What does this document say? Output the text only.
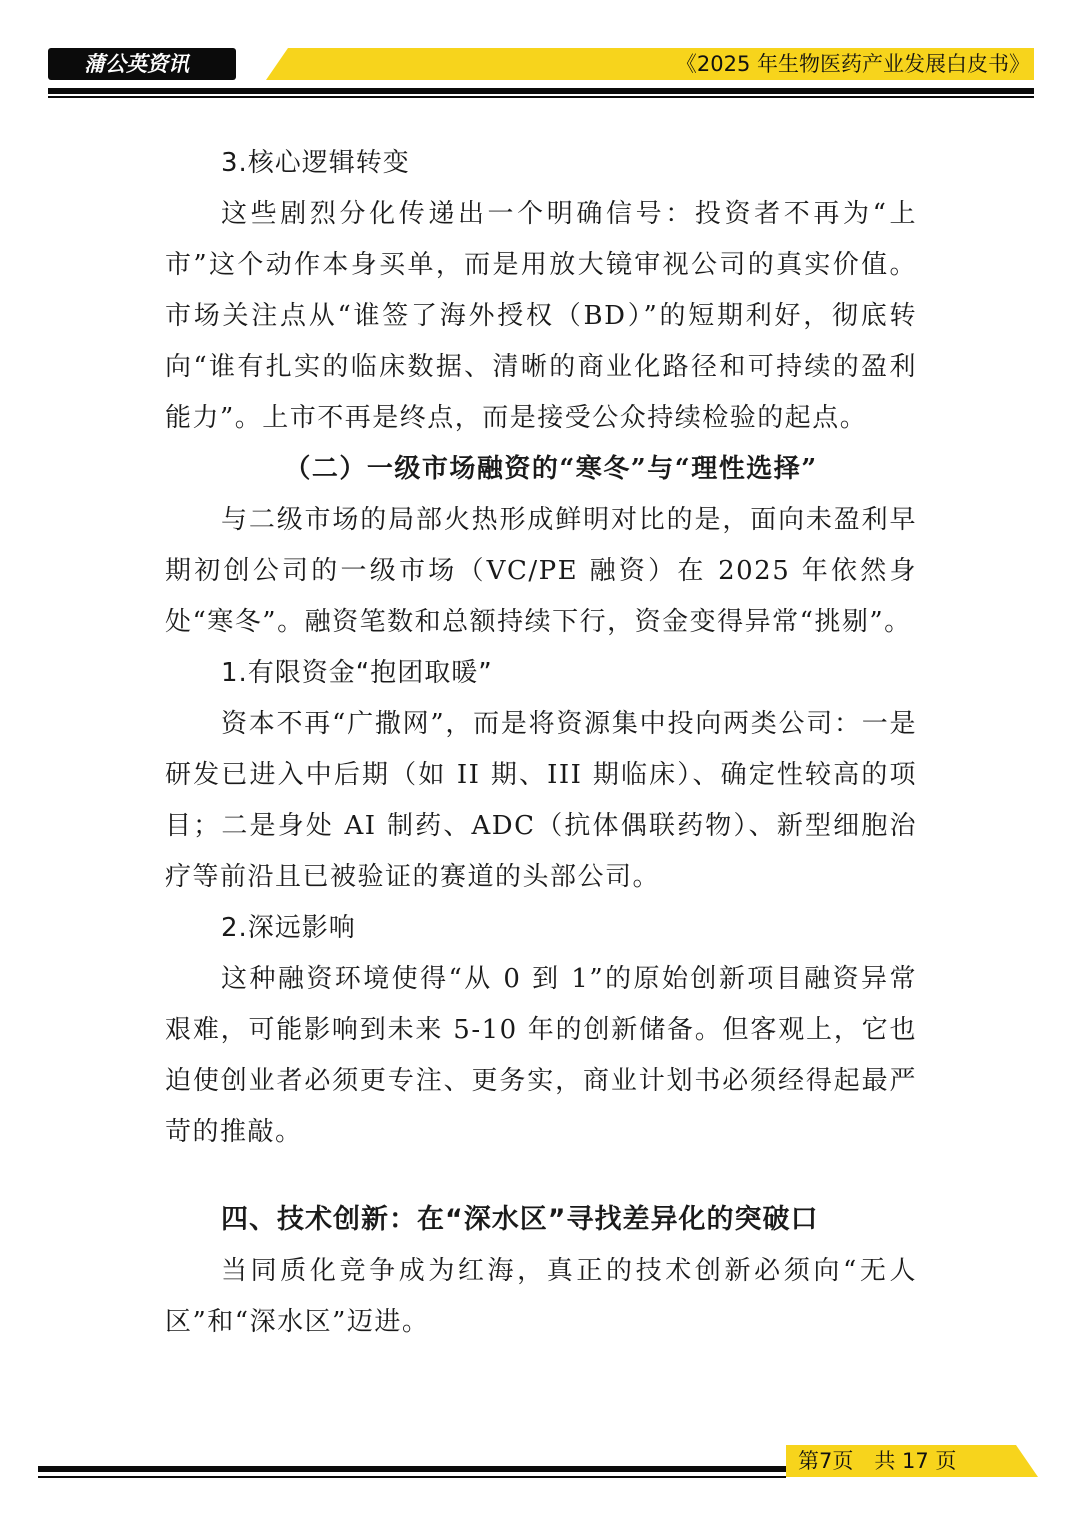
蒲公英资讯	《2025 年生物医药产业发展白皮书》

3.核心逻辑转变

这些剧烈分化传递出一个明确信号：投资者不再为“上市”这个动作本身买单，而是用放大镜审视公司的真实价值。市场关注点从“谁签了海外授权（BD）”的短期利好，彻底转向“谁有扎实的临床数据、清晰的商业化路径和可持续的盈利能力”。上市不再是终点，而是接受公众持续检验的起点。

（二）一级市场融资的“寒冬”与“理性选择”

与二级市场的局部火热形成鲜明对比的是，面向未盈利早期初创公司的一级市场（VC/PE 融资）在 2025 年依然身处“寒冬”。融资笔数和总额持续下行，资金变得异常“挑剔”。

1.有限资金“抱团取暖”

资本不再“广撒网”，而是将资源集中投向两类公司：一是研发已进入中后期（如 II 期、III 期临床）、确定性较高的项目；二是身处 AI 制药、ADC（抗体偶联药物）、新型细胞治疗等前沿且已被验证的赛道的头部公司。

2.深远影响

这种融资环境使得“从 0 到 1”的原始创新项目融资异常艰难，可能影响到未来 5-10 年的创新储备。但客观上，它也迫使创业者必须更专注、更务实，商业计划书必须经得起最严苛的推敲。

四、技术创新：在“深水区”寻找差异化的突破口

当同质化竞争成为红海，真正的技术创新必须向“无人区”和“深水区”迈进。

第7页　共 17 页
